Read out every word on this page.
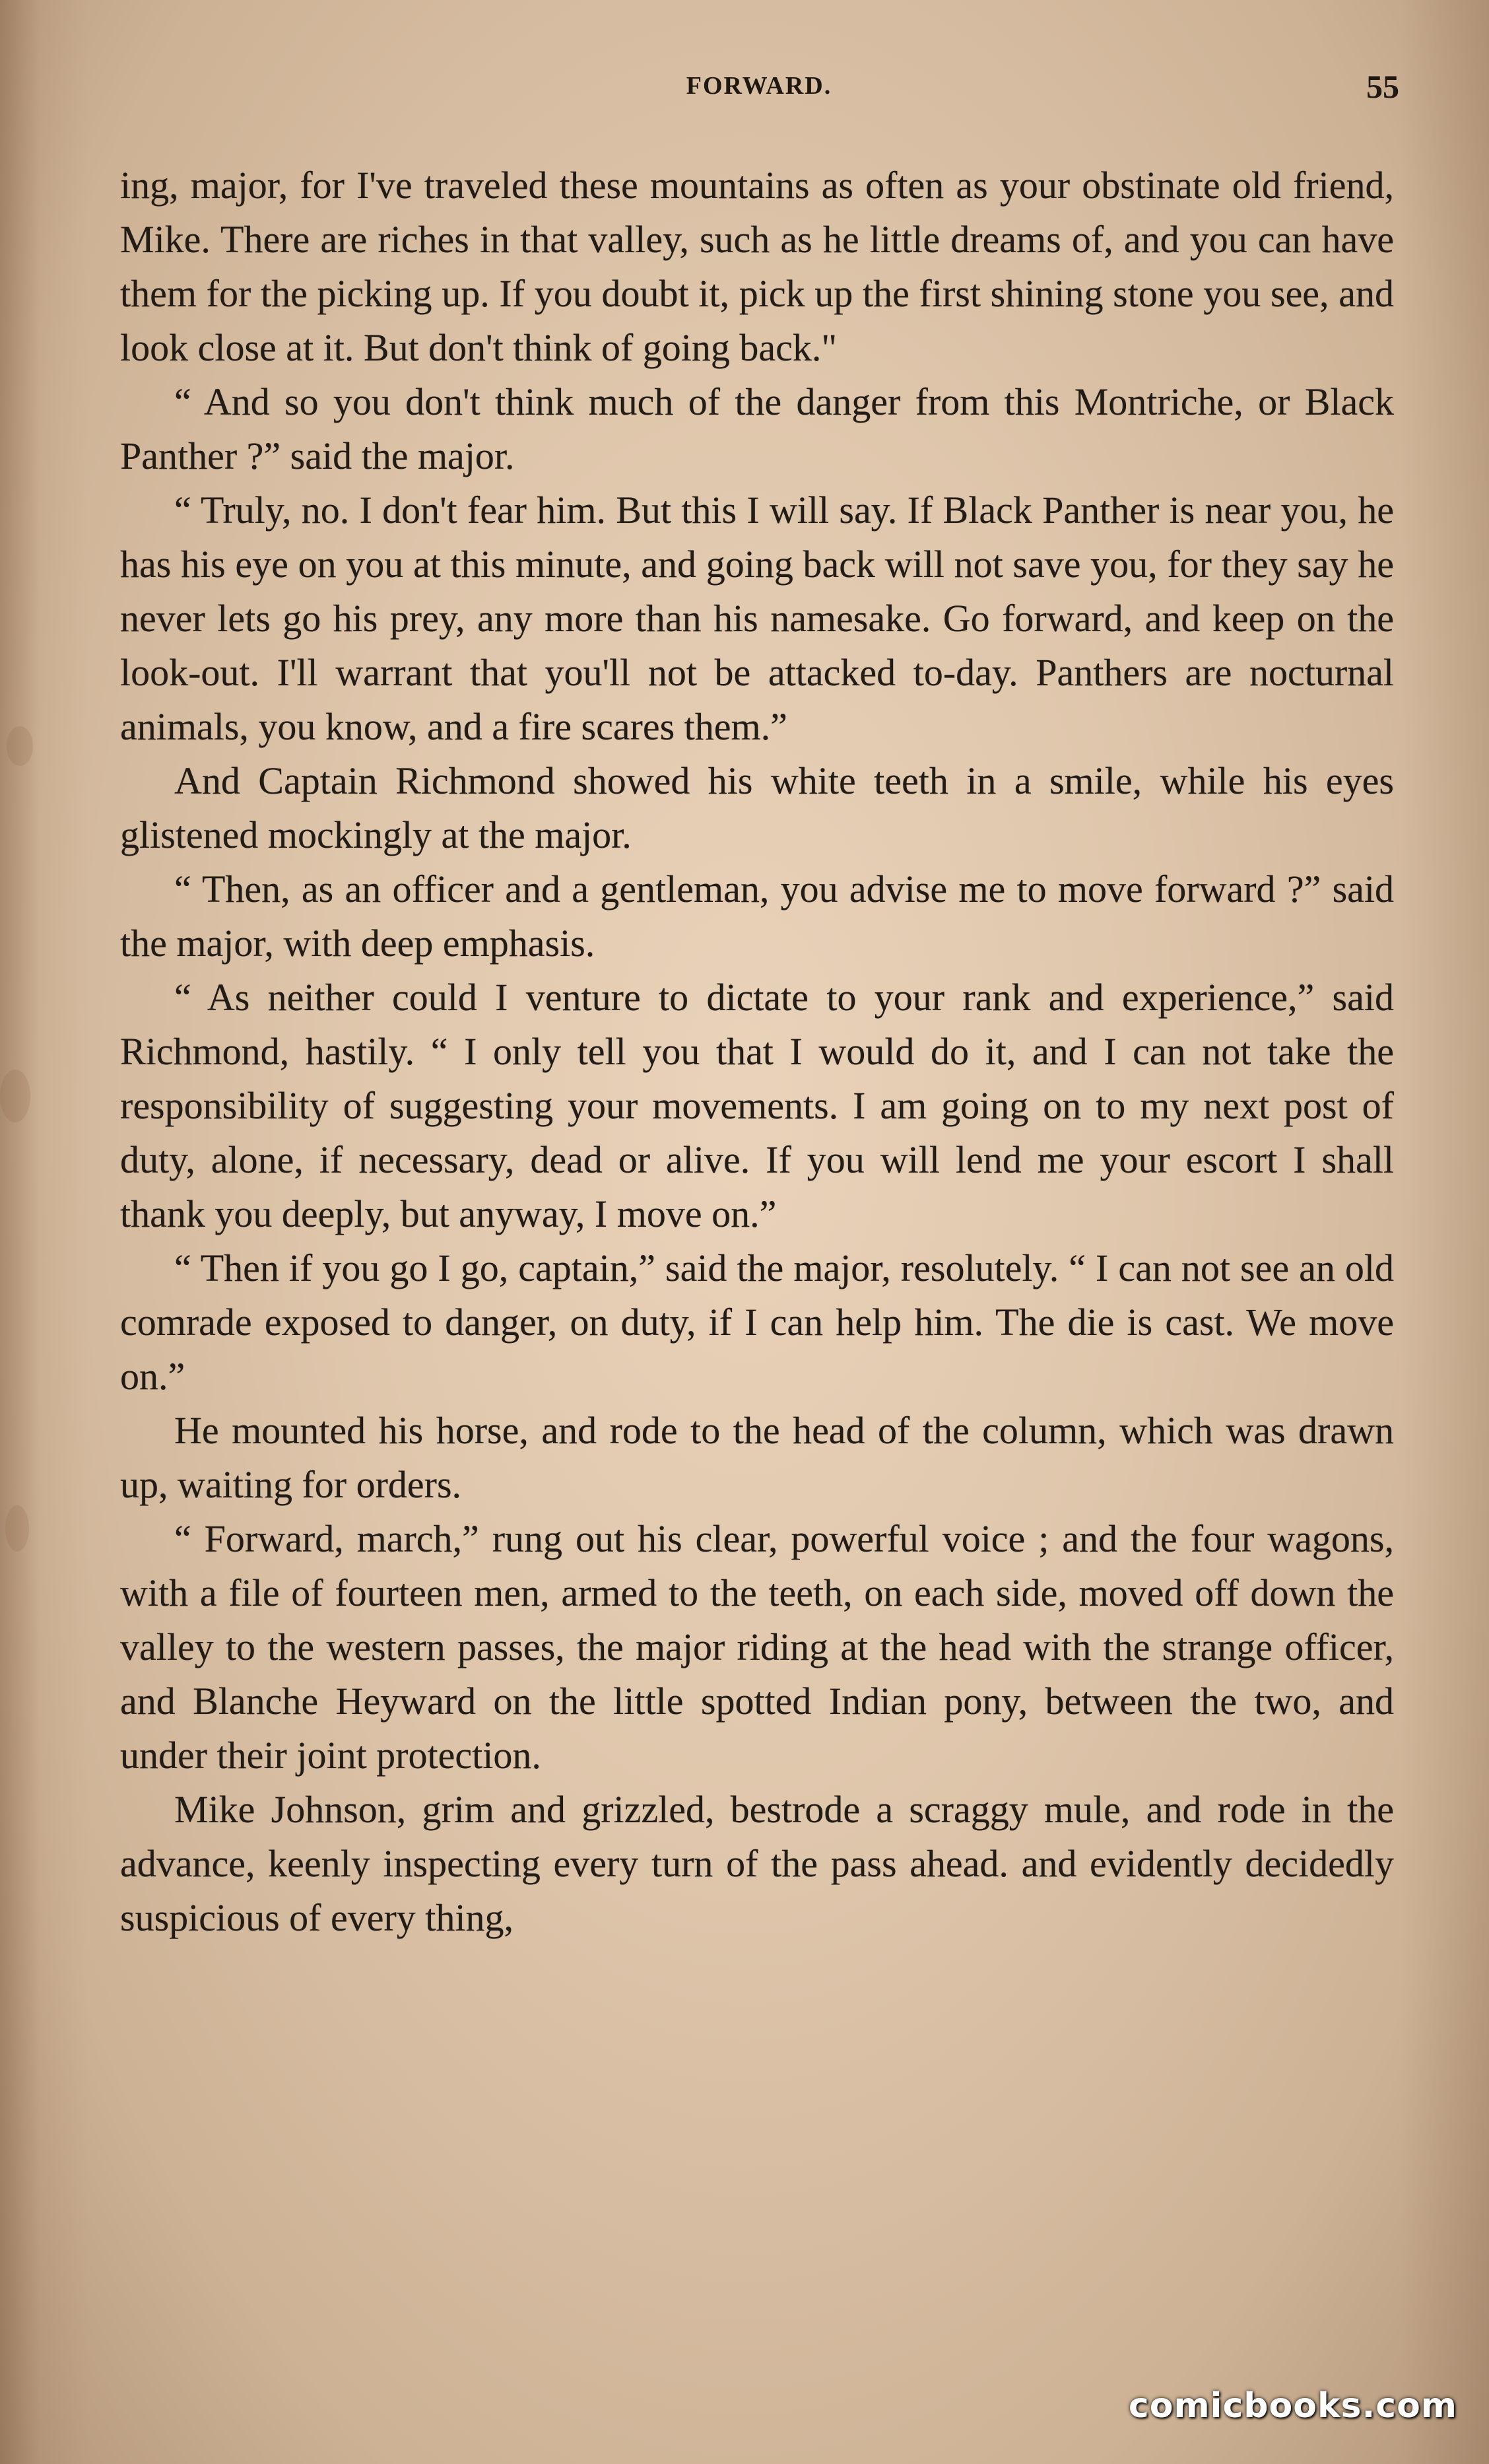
FORWARD.	55

ing, major, for I've traveled these mountains as often as your obstinate old friend, Mike. There are riches in that valley, such as he little dreams of, and you can have them for the picking up. If you doubt it, pick up the first shining stone you see, and look close at it. But don't think of going back."

“ And so you don't think much of the danger from this Montriche, or Black Panther ?” said the major.

“ Truly, no. I don't fear him. But this I will say. If Black Panther is near you, he has his eye on you at this minute, and going back will not save you, for they say he never lets go his prey, any more than his namesake. Go forward, and keep on the look-out. I'll warrant that you'll not be attacked to-day. Panthers are nocturnal animals, you know, and a fire scares them.”

And Captain Richmond showed his white teeth in a smile, while his eyes glistened mockingly at the major.

“ Then, as an officer and a gentleman, you advise me to move forward ?” said the major, with deep emphasis.

“ As neither could I venture to dictate to your rank and experience,” said Richmond, hastily. “ I only tell you that I would do it, and I can not take the responsibility of suggesting your movements. I am going on to my next post of duty, alone, if necessary, dead or alive. If you will lend me your escort I shall thank you deeply, but anyway, I move on.”

“ Then if you go I go, captain,” said the major, resolutely. “ I can not see an old comrade exposed to danger, on duty, if I can help him. The die is cast. We move on.”

He mounted his horse, and rode to the head of the column, which was drawn up, waiting for orders.

“ Forward, march,” rung out his clear, powerful voice ; and the four wagons, with a file of fourteen men, armed to the teeth, on each side, moved off down the valley to the western passes, the major riding at the head with the strange officer, and Blanche Heyward on the little spotted Indian pony, between the two, and under their joint protection.

Mike Johnson, grim and grizzled, bestrode a scraggy mule, and rode in the advance, keenly inspecting every turn of the pass ahead. and evidently decidedly suspicious of every thing,

comicbooks.com
